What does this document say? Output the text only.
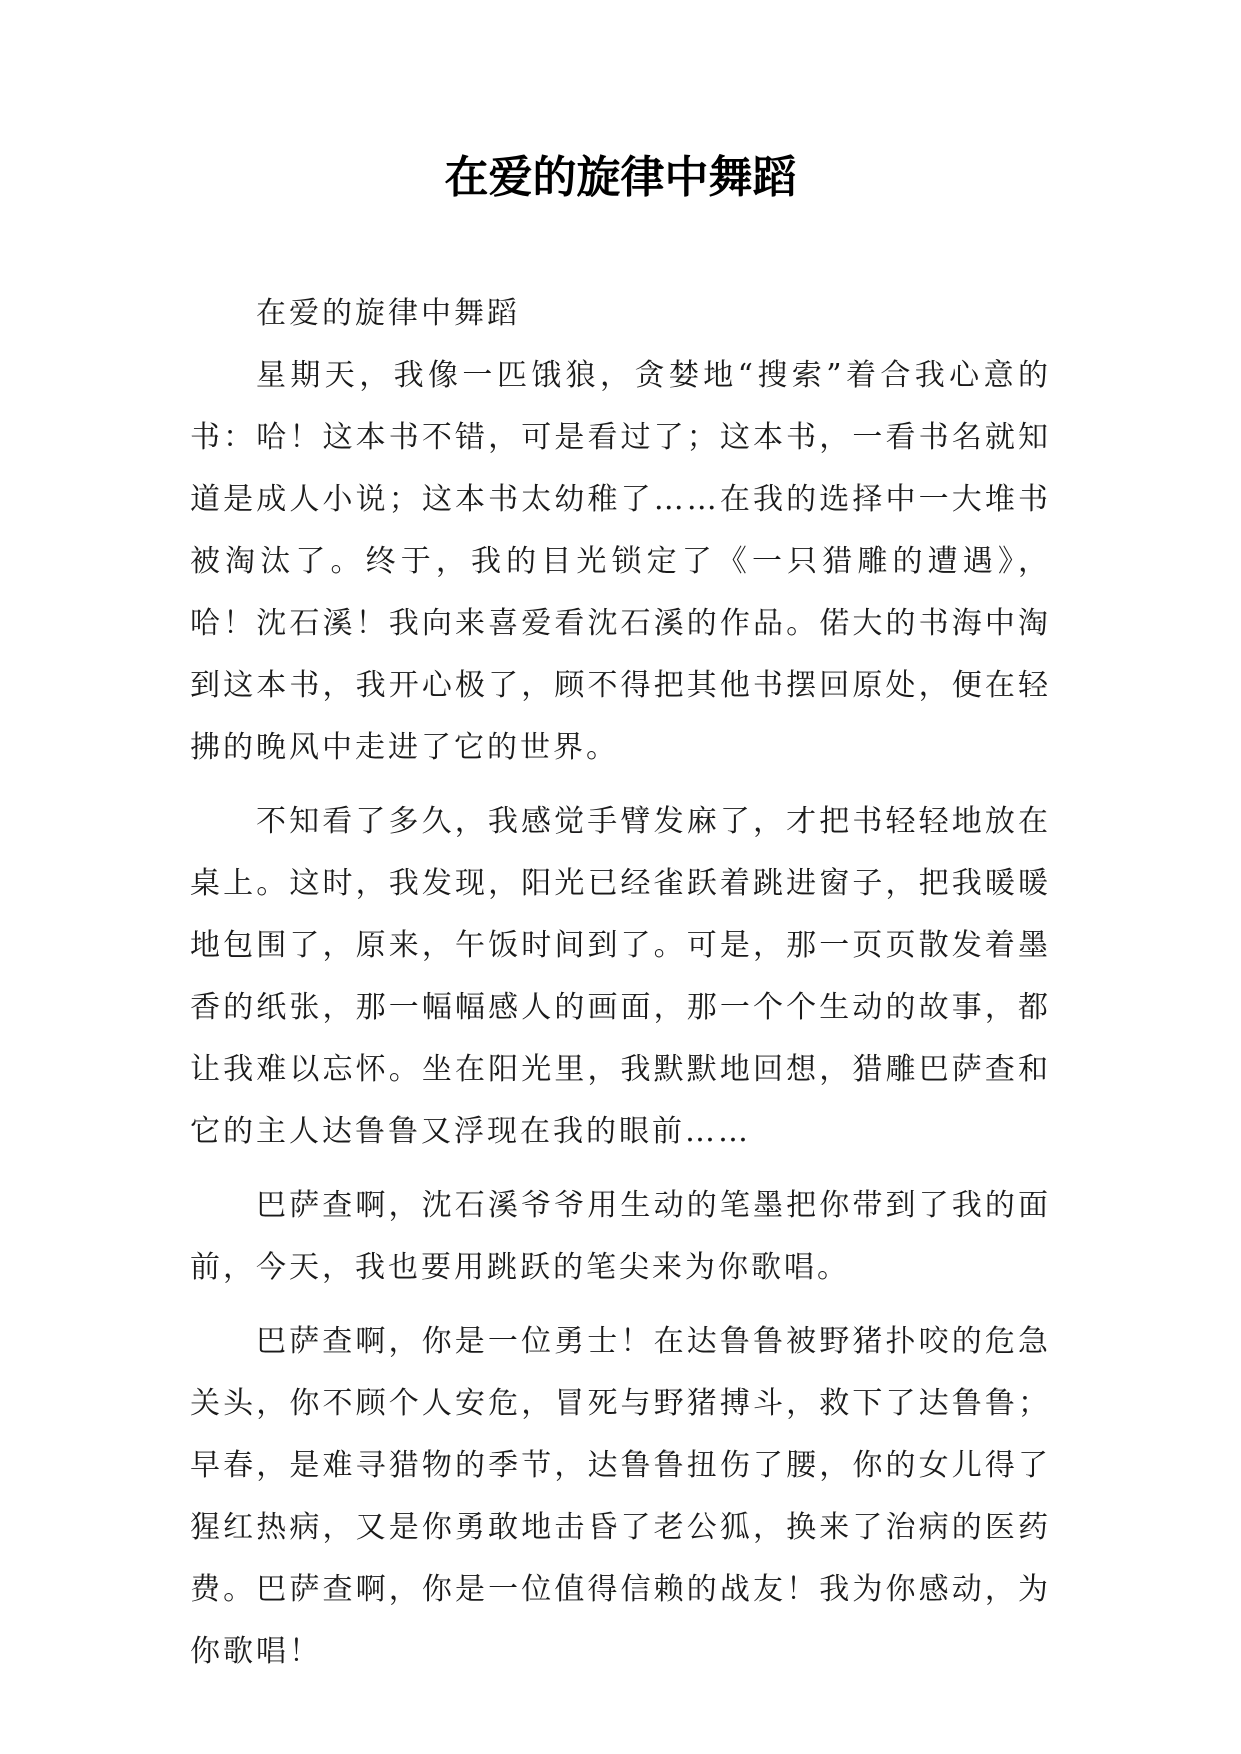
在爱的旋律中舞蹈

在爱的旋律中舞蹈

星期天，我像一匹饿狼，贪婪地“搜索”着合我心意的书：哈！这本书不错，可是看过了；这本书，一看书名就知道是成人小说；这本书太幼稚了……在我的选择中一大堆书被淘汰了。终于，我的目光锁定了《一只猎雕的遭遇》，哈！沈石溪！我向来喜爱看沈石溪的作品。偌大的书海中淘到这本书，我开心极了，顾不得把其他书摆回原处，便在轻拂的晚风中走进了它的世界。

不知看了多久，我感觉手臂发麻了，才把书轻轻地放在桌上。这时，我发现，阳光已经雀跃着跳进窗子，把我暖暖地包围了，原来，午饭时间到了。可是，那一页页散发着墨香的纸张，那一幅幅感人的画面，那一个个生动的故事，都让我难以忘怀。坐在阳光里，我默默地回想，猎雕巴萨查和它的主人达鲁鲁又浮现在我的眼前……

巴萨查啊，沈石溪爷爷用生动的笔墨把你带到了我的面前，今天，我也要用跳跃的笔尖来为你歌唱。

巴萨查啊，你是一位勇士！在达鲁鲁被野猪扑咬的危急关头，你不顾个人安危，冒死与野猪搏斗，救下了达鲁鲁；早春，是难寻猎物的季节，达鲁鲁扭伤了腰，你的女儿得了猩红热病，又是你勇敢地击昏了老公狐，换来了治病的医药费。巴萨查啊，你是一位值得信赖的战友！我为你感动，为你歌唱！
